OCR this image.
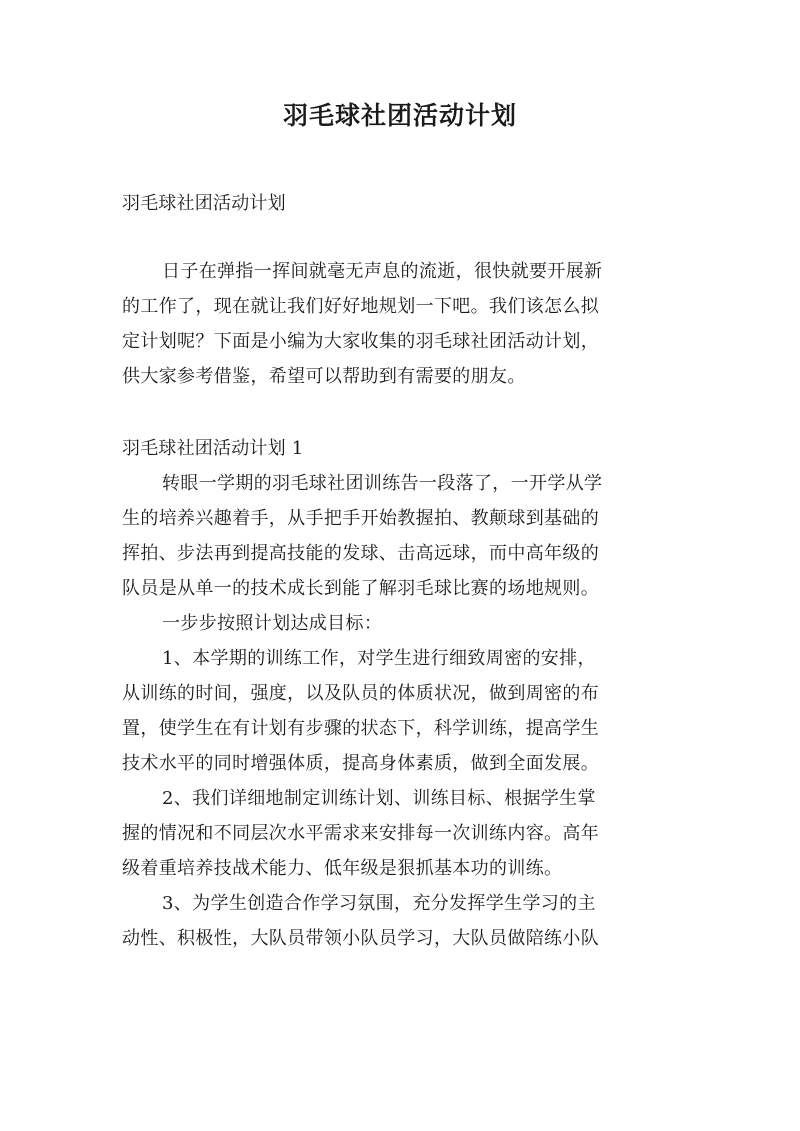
羽毛球社团活动计划

羽毛球社团活动计划

日子在弹指一挥间就毫无声息的流逝，很快就要开展新

的工作了，现在就让我们好好地规划一下吧。我们该怎么拟

定计划呢？下面是小编为大家收集的羽毛球社团活动计划，

供大家参考借鉴，希望可以帮助到有需要的朋友。

羽毛球社团活动计划 1

转眼一学期的羽毛球社团训练告一段落了，一开学从学

生的培养兴趣着手，从手把手开始教握拍、教颠球到基础的

挥拍、步法再到提高技能的发球、击高远球，而中高年级的

队员是从单一的技术成长到能了解羽毛球比赛的场地规则。

一步步按照计划达成目标：

1、本学期的训练工作，对学生进行细致周密的安排，

从训练的时间，强度，以及队员的体质状况，做到周密的布

置，使学生在有计划有步骤的状态下，科学训练，提高学生

技术水平的同时增强体质，提高身体素质，做到全面发展。

2、我们详细地制定训练计划、训练目标、根据学生掌

握的情况和不同层次水平需求来安排每一次训练内容。高年

级着重培养技战术能力、低年级是狠抓基本功的训练。

3、为学生创造合作学习氛围，充分发挥学生学习的主

动性、积极性，大队员带领小队员学习，大队员做陪练小队
